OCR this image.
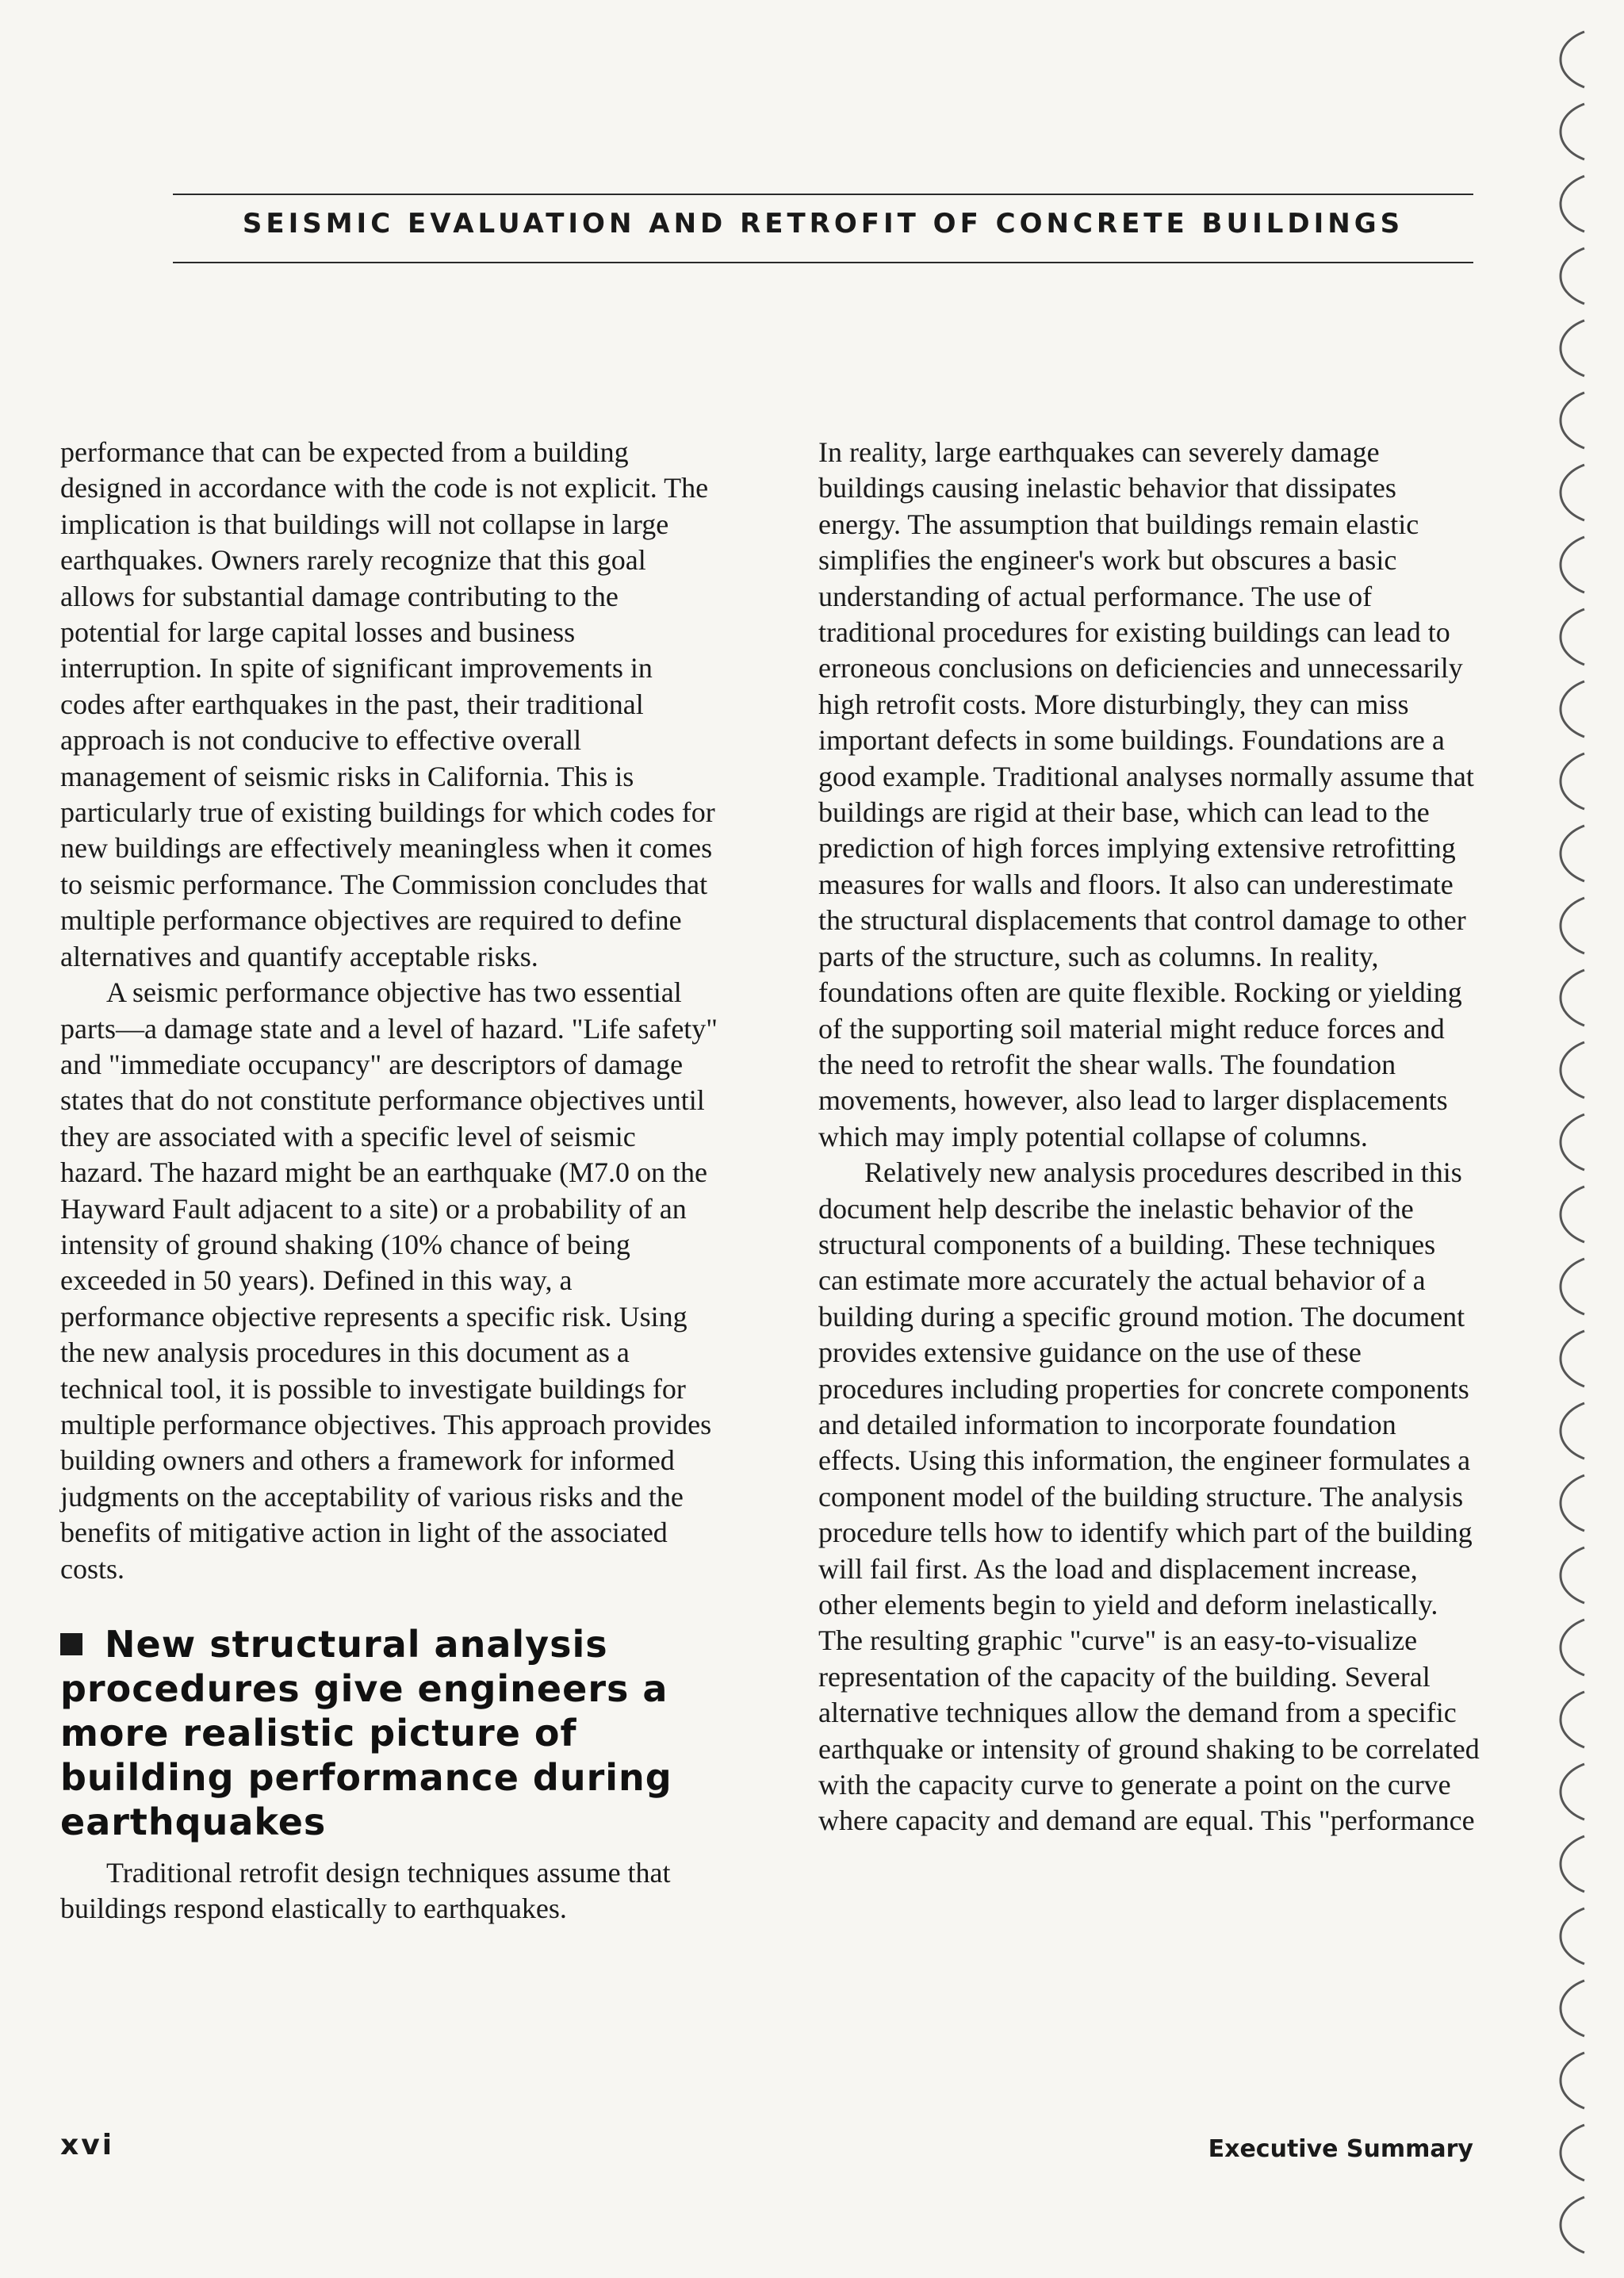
SEISMIC EVALUATION AND RETROFIT OF CONCRETE BUILDINGS

performance that can be expected from a building designed in accordance with the code is not explicit. The implication is that buildings will not collapse in large earthquakes. Owners rarely recognize that this goal allows for substantial damage contributing to the potential for large capital losses and business interruption. In spite of significant improvements in codes after earthquakes in the past, their traditional approach is not conducive to effective overall management of seismic risks in California. This is particularly true of existing buildings for which codes for new buildings are effectively meaningless when it comes to seismic performance. The Commission concludes that multiple performance objectives are required to define alternatives and quantify acceptable risks.

A seismic performance objective has two essential parts—a damage state and a level of hazard. "Life safety" and "immediate occupancy" are descriptors of damage states that do not constitute performance objectives until they are associated with a specific level of seismic hazard. The hazard might be an earthquake (M7.0 on the Hayward Fault adjacent to a site) or a probability of an intensity of ground shaking (10% chance of being exceeded in 50 years). Defined in this way, a performance objective represents a specific risk. Using the new analysis procedures in this document as a technical tool, it is possible to investigate buildings for multiple performance objectives. This approach provides building owners and others a framework for informed judgments on the acceptability of various risks and the benefits of mitigative action in light of the associated costs.

New structural analysis procedures give engineers a more realistic picture of building performance during earthquakes

Traditional retrofit design techniques assume that buildings respond elastically to earthquakes.

In reality, large earthquakes can severely damage buildings causing inelastic behavior that dissipates energy. The assumption that buildings remain elastic simplifies the engineer's work but obscures a basic understanding of actual performance. The use of traditional procedures for existing buildings can lead to erroneous conclusions on deficiencies and unnecessarily high retrofit costs. More disturbingly, they can miss important defects in some buildings. Foundations are a good example. Traditional analyses normally assume that buildings are rigid at their base, which can lead to the prediction of high forces implying extensive retrofitting measures for walls and floors. It also can underestimate the structural displacements that control damage to other parts of the structure, such as columns. In reality, foundations often are quite flexible. Rocking or yielding of the supporting soil material might reduce forces and the need to retrofit the shear walls. The foundation movements, however, also lead to larger displacements which may imply potential collapse of columns.

Relatively new analysis procedures described in this document help describe the inelastic behavior of the structural components of a building. These techniques can estimate more accurately the actual behavior of a building during a specific ground motion. The document provides extensive guidance on the use of these procedures including properties for concrete components and detailed information to incorporate foundation effects. Using this information, the engineer formulates a component model of the building structure. The analysis procedure tells how to identify which part of the building will fail first. As the load and displacement increase, other elements begin to yield and deform inelastically. The resulting graphic "curve" is an easy-to-visualize representation of the capacity of the building. Several alternative techniques allow the demand from a specific earthquake or intensity of ground shaking to be correlated with the capacity curve to generate a point on the curve where capacity and demand are equal. This "performance

xvi	Executive Summary
